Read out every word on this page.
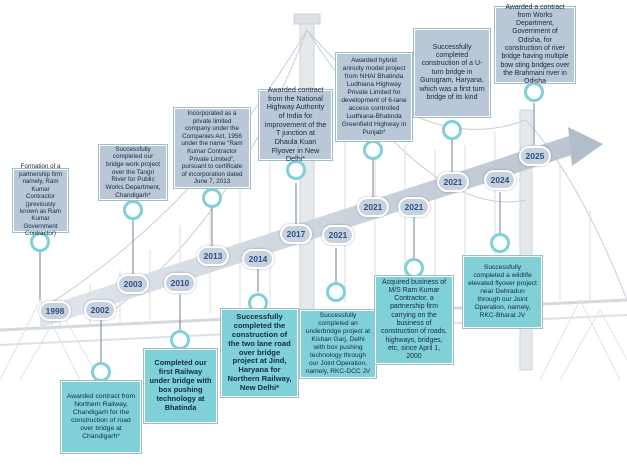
Formation of a partnership firm namely, Ram Kumar Contractor (previously known as Ram Kumar Government Contractor)
Awarded contract from Northern Railway, Chandigarh for the construction of road over bridge at Chandigarh*
Successfully completed our bridge work project over the Tangri River for Public Works Department, Chandigarh*
Completed our first Railway under bridge with box pushing technology at Bhatinda
Incorporated as a private limited company under the Companies Act, 1956 under the name “Ram Kumar Contractor Private Limited”, pursuant to certificate of incorporation dated June 7, 2013
Successfully completed the construction of the two lane road over bridge project at Jind, Haryana for Northern Railway, New Delhi*
Awarded contract from the National Highway Authority of India for improvement of the T junction at Dhaula Kuan Flyover in New Delhi*
Successfully completed an underbridge project at Kishan Garj, Delhi with box pushing technology through our Joint Operation, namely, RKC-DCC JV
Awarded hybrid annuity model project from NHAI Bhatinda Ludhiana Highway Private Limited for development of 6-lane access controlled Ludhiana-Bhatinda Greenfield Highway in Punjab*
Acquired business of M/S Ram Kumar Contractor, a partnership firm carrying on the business of construction of roads, highways, bridges, etc, since April 1, 2000
Successfully completed construction of a U-turn bridge in Gurugram, Haryana, which was a first turn bridge of its kind
Successfully completed a wildlife elevated flyover project near Dehradun through our Joint Operation, namely, RKC-Bharat JV
Awarded a contract from Works Department, Government of Odisha, for construction of river bridge having multiple bow sting bridges over the Brahmani river in Odisha
1998	2002
2003	2010
2013	2014
2017	2021
2021	2021
2021	2024
2025
